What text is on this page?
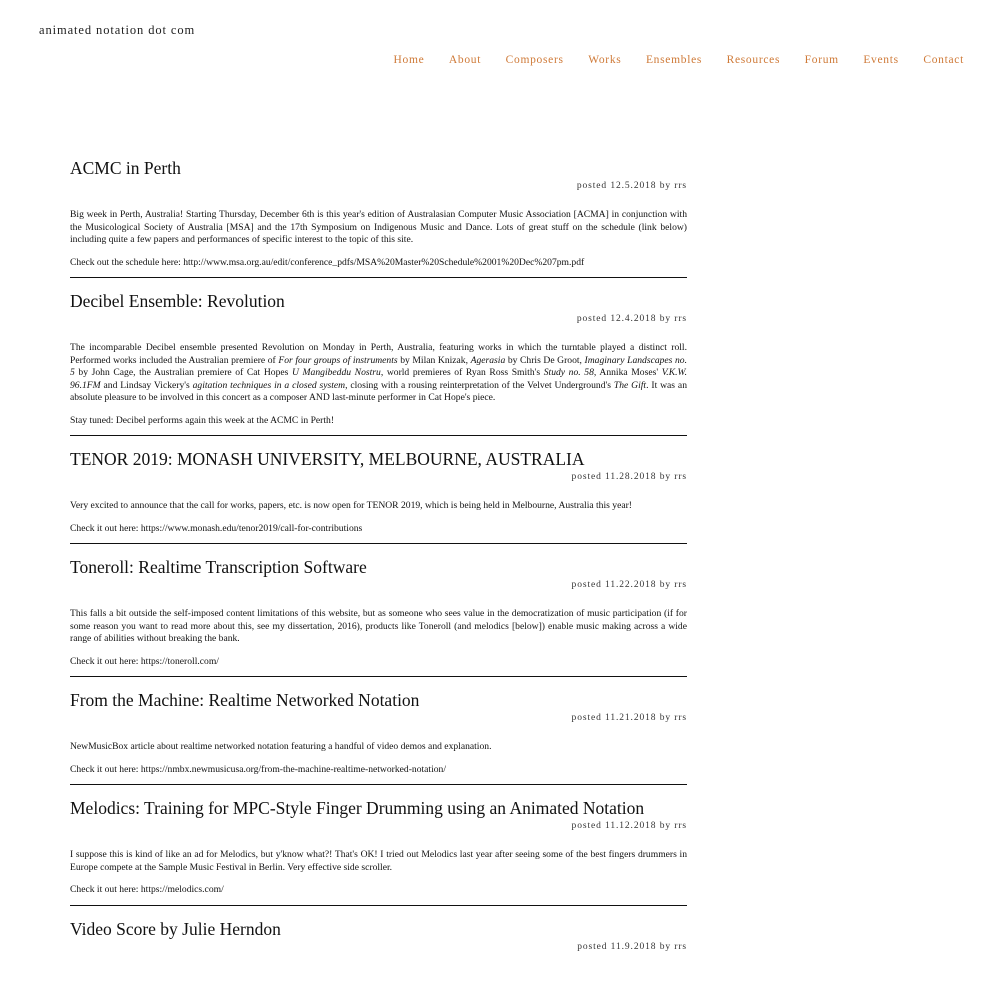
animated notation dot com
Home About Composers Works Ensembles Resources Forum Events Contact
ACMC in Perth
posted 12.5.2018 by rrs

Big week in Perth, Australia! Starting Thursday, December 6th is this year's edition of Australasian Computer Music Association [ACMA] in conjunction with the Musicological Society of Australia [MSA] and the 17th Symposium on Indigenous Music and Dance. Lots of great stuff on the schedule (link below) including quite a few papers and performances of specific interest to the topic of this site.

Check out the schedule here: http://www.msa.org.au/edit/conference_pdfs/MSA%20Master%20Schedule%2001%20Dec%207pm.pdf

Decibel Ensemble: Revolution
posted 12.4.2018 by rrs

The incomparable Decibel ensemble presented Revolution on Monday in Perth, Australia, featuring works in which the turntable played a distinct roll. Performed works included the Australian premiere of For four groups of instruments by Milan Knizak, Agerasia by Chris De Groot, Imaginary Landscapes no. 5 by John Cage, the Australian premiere of Cat Hopes U Mangibeddu Nostru, world premieres of Ryan Ross Smith's Study no. 58, Annika Moses' V.K.W. 96.1FM and Lindsay Vickery's agitation techniques in a closed system, closing with a rousing reinterpretation of the Velvet Underground's The Gift. It was an absolute pleasure to be involved in this concert as a composer AND last-minute performer in Cat Hope's piece.

Stay tuned: Decibel performs again this week at the ACMC in Perth!

TENOR 2019: MONASH UNIVERSITY, MELBOURNE, AUSTRALIA
posted 11.28.2018 by rrs

Very excited to announce that the call for works, papers, etc. is now open for TENOR 2019, which is being held in Melbourne, Australia this year!

Check it out here: https://www.monash.edu/tenor2019/call-for-contributions

Toneroll: Realtime Transcription Software
posted 11.22.2018 by rrs

This falls a bit outside the self-imposed content limitations of this website, but as someone who sees value in the democratization of music participation (if for some reason you want to read more about this, see my dissertation, 2016), products like Toneroll (and melodics [below]) enable music making across a wide range of abilities without breaking the bank.

Check it out here: https://toneroll.com/

From the Machine: Realtime Networked Notation
posted 11.21.2018 by rrs

NewMusicBox article about realtime networked notation featuring a handful of video demos and explanation.

Check it out here: https://nmbx.newmusicusa.org/from-the-machine-realtime-networked-notation/

Melodics: Training for MPC-Style Finger Drumming using an Animated Notation
posted 11.12.2018 by rrs

I suppose this is kind of like an ad for Melodics, but y'know what?! That's OK! I tried out Melodics last year after seeing some of the best fingers drummers in Europe compete at the Sample Music Festival in Berlin. Very effective side scroller.

Check it out here: https://melodics.com/

Video Score by Julie Herndon
posted 11.9.2018 by rrs
